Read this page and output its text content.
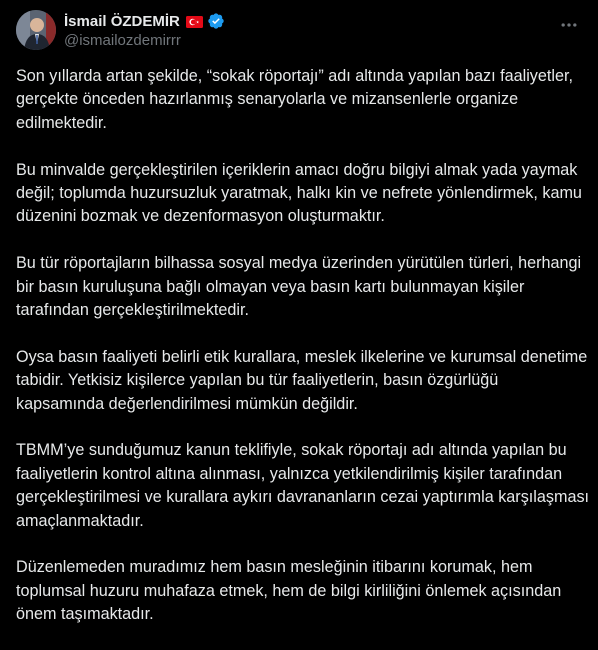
İsmail ÖZDEMİR
@ismailozdemirrr

Son yıllarda artan şekilde, “sokak röportajı” adı altında yapılan bazı faaliyetler, gerçekte önceden hazırlanmış senaryolarla ve mizansenlerle organize edilmektedir.

Bu minvalde gerçekleştirilen içeriklerin amacı doğru bilgiyi almak yada yaymak değil; toplumda huzursuzluk yaratmak, halkı kin ve nefrete yönlendirmek, kamu düzenini bozmak ve dezenformasyon oluşturmaktır.

Bu tür röportajların bilhassa sosyal medya üzerinden yürütülen türleri, herhangi bir basın kuruluşuna bağlı olmayan veya basın kartı bulunmayan kişiler tarafından gerçekleştirilmektedir.

Oysa basın faaliyeti belirli etik kurallara, meslek ilkelerine ve kurumsal denetime tabidir. Yetkisiz kişilerce yapılan bu tür faaliyetlerin, basın özgürlüğü kapsamında değerlendirilmesi mümkün değildir.

TBMM’ye sunduğumuz kanun teklifiyle, sokak röportajı adı altında yapılan bu faaliyetlerin kontrol altına alınması, yalnızca yetkilendirilmiş kişiler tarafından gerçekleştirilmesi ve kurallara aykırı davrananların cezai yaptırımla karşılaşması amaçlanmaktadır.

Düzenlemeden muradımız hem basın mesleğinin itibarını korumak, hem toplumsal huzuru muhafaza etmek, hem de bilgi kirliliğini önlemek açısından önem taşımaktadır.
